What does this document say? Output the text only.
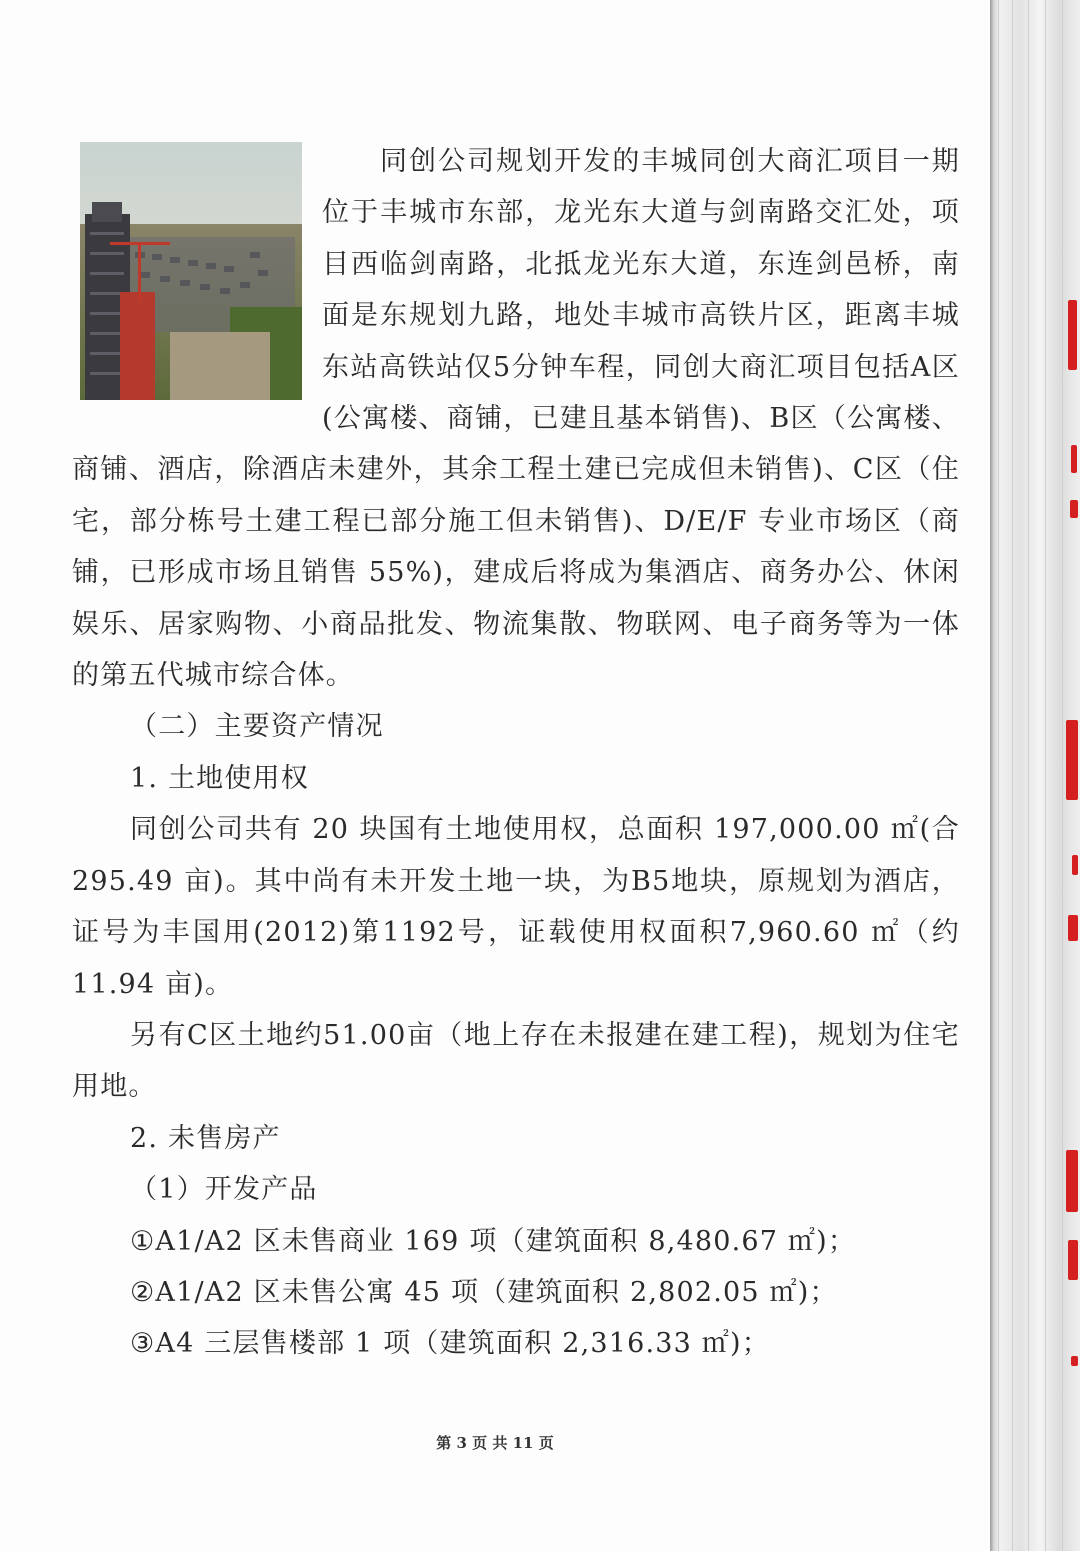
同创公司规划开发的丰城同创大商汇项目一期位于丰城市东部，龙光东大道与剑南路交汇处，项目西临剑南路，北抵龙光东大道，东连剑邑桥，南面是东规划九路，地处丰城市高铁片区，距离丰城东站高铁站仅5分钟车程，同创大商汇项目包括A区(公寓楼、商铺，已建且基本销售)、B区（公寓楼、商铺、酒店，除酒店未建外，其余工程土建已完成但未销售)、C区（住宅，部分栋号土建工程已部分施工但未销售)、D/E/F 专业市场区（商铺，已形成市场且销售 55%)，建成后将成为集酒店、商务办公、休闲娱乐、居家购物、小商品批发、物流集散、物联网、电子商务等为一体的第五代城市综合体。

（二）主要资产情况

1. 土地使用权

同创公司共有 20 块国有土地使用权，总面积 197,000.00 ㎡(合295.49 亩)。其中尚有未开发土地一块，为B5地块，原规划为酒店，证号为丰国用(2012)第1192号，证载使用权面积7,960.60 ㎡（约11.94 亩)。

另有C区土地约51.00亩（地上存在未报建在建工程)，规划为住宅用地。

2. 未售房产

（1）开发产品

①A1/A2 区未售商业 169 项（建筑面积 8,480.67 ㎡)；

②A1/A2 区未售公寓 45 项（建筑面积 2,802.05 ㎡)；

③A4 三层售楼部 1 项（建筑面积 2,316.33 ㎡)；

第 3 页 共 11 页
